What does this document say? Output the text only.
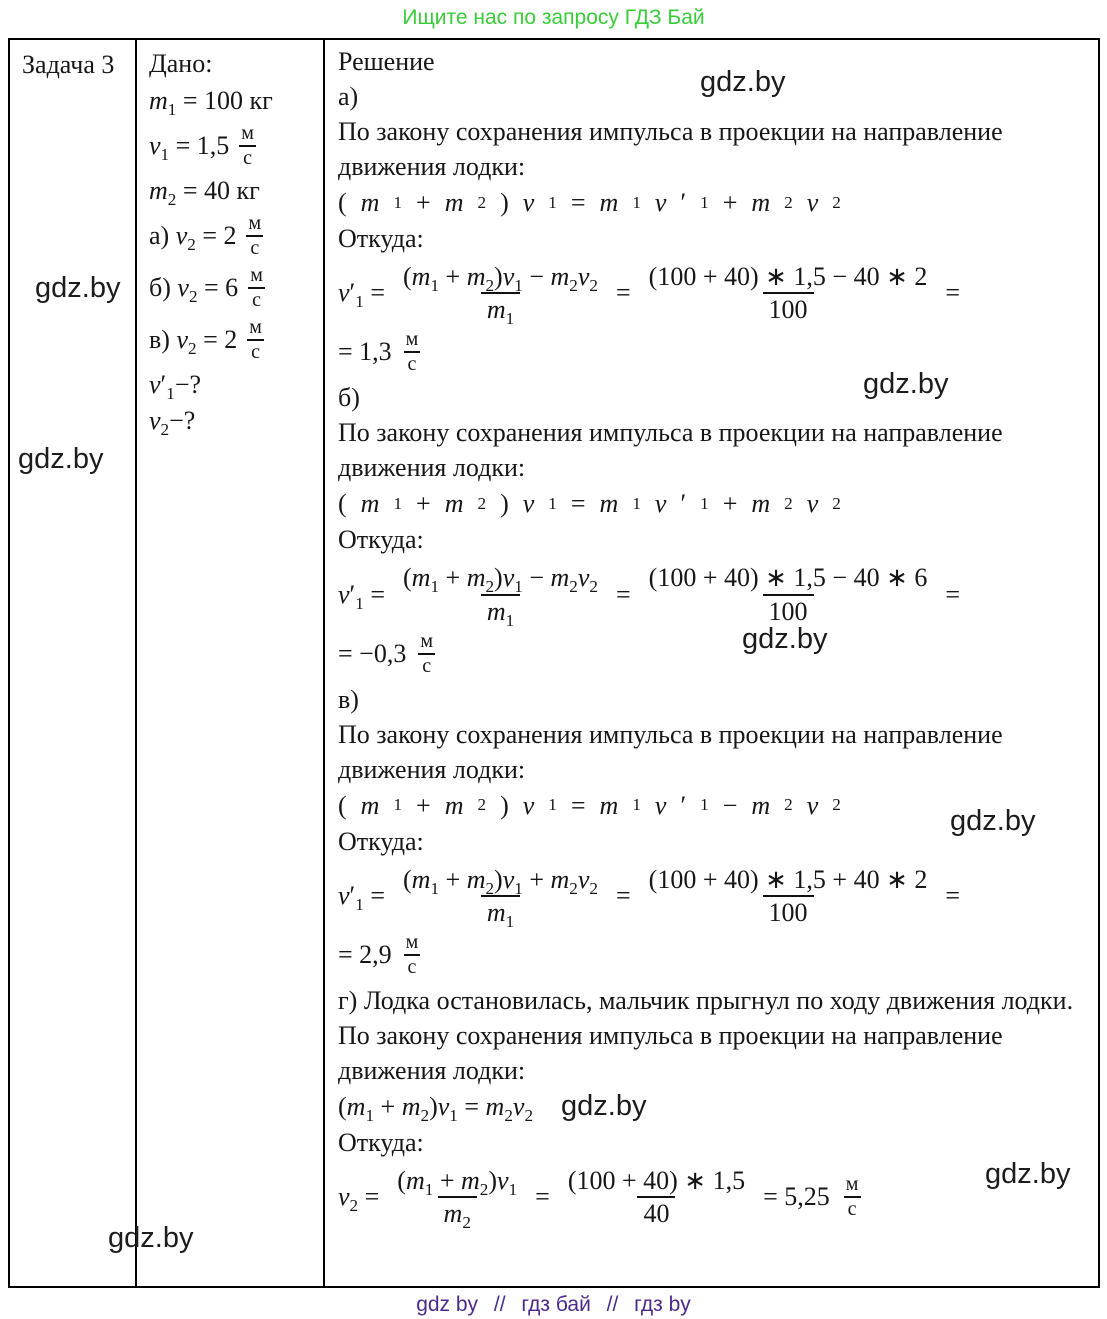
Ищите нас по запросу ГДЗ Бай
Задача 3	Дано:
$m_1 = 100$ кг
$v_1 = 1,5$ м
с
$m_2 = 40$ кг
а) $v_2 = 2$ м
с
б) $v_2 = 6$ м
с
в) $v_2 = 2$ м
с
$v'_1-$?
$v_2-$?
Решение
а)

По закону сохранения импульса в проекции на направление движения лодки:

( m 1 + m 2 ) v 1 = m 1 v ′ 1 + m 2 v 2
Откуда:
$v'_1 = \frac{(m_1 + m_2)v_1 - m_2v_2}{m_1} = \frac{(100 + 40) ∗ 1,5 - 40 ∗ 2}{100}$ =
= 1,3 м
с
б)

По закону сохранения импульса в проекции на направление движения лодки:

( m 1 + m 2 ) v 1 = m 1 v ′ 1 + m 2 v 2
Откуда:
$v'_1 = \frac{(m_1 + m_2)v_1 - m_2v_2}{m_1} = \frac{(100 + 40) ∗ 1,5 - 40 ∗ 6}{100}$ =
= −0,3 м
с
в)

По закону сохранения импульса в проекции на направление движения лодки:

( m 1 + m 2 ) v 1 = m 1 v ′ 1 − m 2 v 2
Откуда:
$v'_1 = \frac{(m_1 + m_2)v_1 + m_2v_2}{m_1} = \frac{(100 + 40) ∗ 1,5 + 40 ∗ 2}{100}$ =
= 2,9 м
с

г) Лодка остановилась, мальчик прыгнул по ходу движения лодки.

По закону сохранения импульса в проекции на направление движения лодки:

$(m_1 + m_2)v_1 = m_2v_2$ gdz.by
Откуда:
$v_2 = \frac{(m_1 + m_2)v_1}{m_2} = \frac{(100 + 40) ∗ 1,5}{40} = 5,25$ м
с
gdz.by
gdz.by
gdz.by
gdz.by
gdz.by
gdz.by
gdz.by
gdz.by
gdz by // гдз бай // гдз by
